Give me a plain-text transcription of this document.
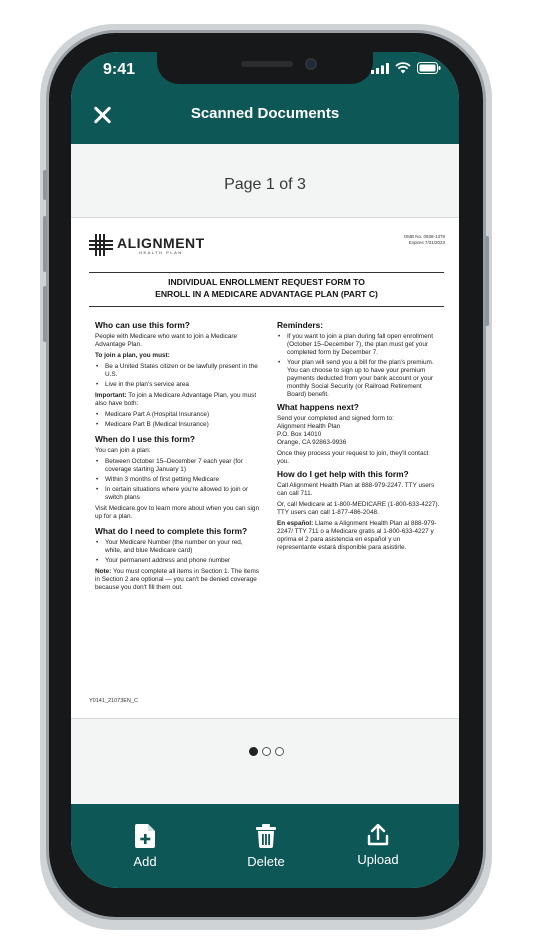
9:41
Scanned Documents
Page 1 of 3
ALIGNMENT
HEALTH PLAN
OMB No. 0938-1378
Expires 7/31/2023
INDIVIDUAL ENROLLMENT REQUEST FORM TO
ENROLL IN A MEDICARE ADVANTAGE PLAN (PART C)
Who can use this form?

People with Medicare who want to join a Medicare Advantage Plan.

To join a plan, you must:

• Be a United States citizen or be lawfully present in the U.S.
• Live in the plan's service area

Important: To join a Medicare Advantage Plan, you must also have both:

• Medicare Part A (Hospital Insurance)
• Medicare Part B (Medical Insurance)
When do I use this form?

You can join a plan:

• Between October 15–December 7 each year (for coverage starting January 1)
• Within 3 months of first getting Medicare
• In certain situations where you're allowed to join or switch plans

Visit Medicare.gov to learn more about when you can sign up for a plan.

What do I need to complete this form?
• Your Medicare Number (the number on your red, white, and blue Medicare card)
• Your permanent address and phone number

Note: You must complete all items in Section 1. The items in Section 2 are optional — you can't be denied coverage because you don't fill them out.

Reminders:
• If you want to join a plan during fall open enrollment (October 15–December 7), the plan must get your completed form by December 7.
• Your plan will send you a bill for the plan's premium. You can choose to sign up to have your premium payments deducted from your bank account or your monthly Social Security (or Railroad Retirement Board) benefit.
What happens next?

Send your completed and signed form to:

Alignment Health Plan

P.O. Box 14010

Orange, CA 92863-9936

Once they process your request to join, they'll contact you.

How do I get help with this form?

Call Alignment Health Plan at 888-979-2247. TTY users can call 711.

Or, call Medicare at 1-800-MEDICARE (1-800-633-4227). TTY users can call 1-877-486-2048.

En español: Llame a Alignment Health Plan al 888-979-2247/ TTY 711 o a Medicare gratis al 1-800-633-4227 y oprima el 2 para asistencia en español y un representante estará disponible para asistirle.

Y0141_21073EN_C
Add	Delete	Upload
